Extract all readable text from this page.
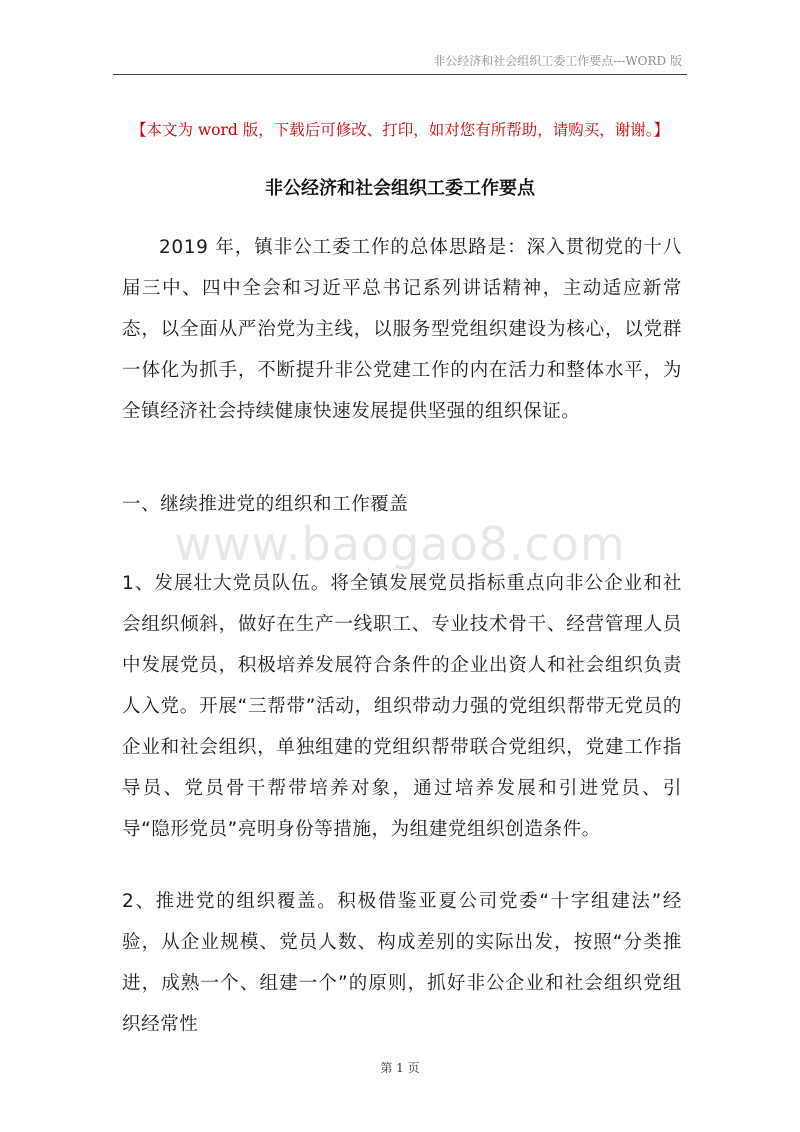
非公经济和社会组织工委工作要点---WORD 版
【本文为 word 版，下载后可修改、打印，如对您有所帮助，请购买，谢谢。】
非公经济和社会组织工委工作要点

2019 年，镇非公工委工作的总体思路是：深入贯彻党的十八届三中、四中全会和习近平总书记系列讲话精神，主动适应新常态，以全面从严治党为主线，以服务型党组织建设为核心，以党群一体化为抓手，不断提升非公党建工作的内在活力和整体水平，为全镇经济社会持续健康快速发展提供坚强的组织保证。

一、继续推进党的组织和工作覆盖

www.baogao8.com

1、发展壮大党员队伍。将全镇发展党员指标重点向非公企业和社会组织倾斜，做好在生产一线职工、专业技术骨干、经营管理人员中发展党员，积极培养发展符合条件的企业出资人和社会组织负责人入党。开展“三帮带”活动，组织带动力强的党组织帮带无党员的企业和社会组织，单独组建的党组织帮带联合党组织，党建工作指导员、党员骨干帮带培养对象，通过培养发展和引进党员、引导“隐形党员”亮明身份等措施，为组建党组织创造条件。

2、推进党的组织覆盖。积极借鉴亚夏公司党委“十字组建法”经验，从企业规模、党员人数、构成差别的实际出发，按照“分类推进，成熟一个、组建一个”的原则，抓好非公企业和社会组织党组织经常性

第 1 页
